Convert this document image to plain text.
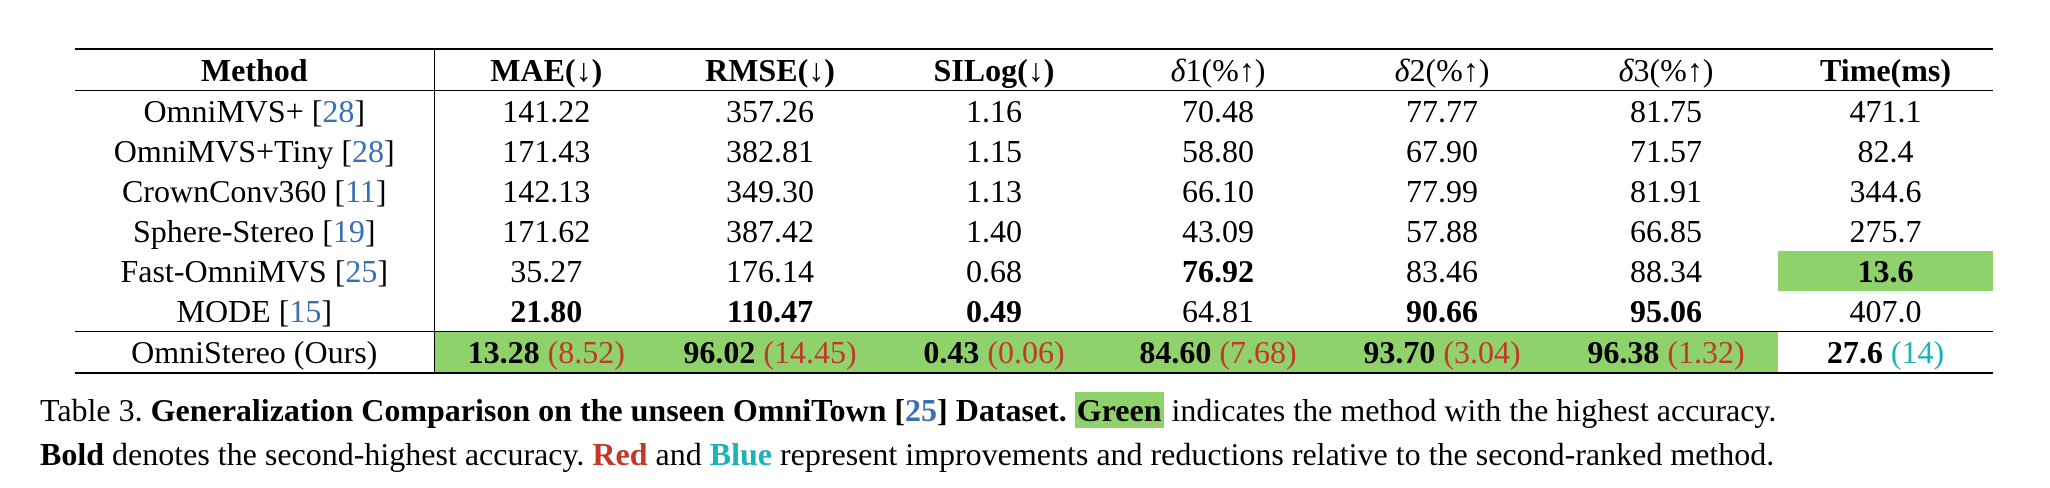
Method	MAE(↓)	RMSE(↓)	SILog(↓)	δ1(%↑)	δ2(%↑)	δ3(%↑)	Time(ms)
OmniMVS+ [28]	141.22	357.26	1.16	70.48	77.77	81.75	471.1
OmniMVS+Tiny [28]	171.43	382.81	1.15	58.80	67.90	71.57	82.4
CrownConv360 [11]	142.13	349.30	1.13	66.10	77.99	81.91	344.6
Sphere-Stereo [19]	171.62	387.42	1.40	43.09	57.88	66.85	275.7
Fast-OmniMVS [25]	35.27	176.14	0.68	76.92	83.46	88.34	13.6
MODE [15]	21.80	110.47	0.49	64.81	90.66	95.06	407.0
OmniStereo (Ours)	13.28 (8.52)	96.02 (14.45)	0.43 (0.06)	84.60 (7.68)	93.70 (3.04)	96.38 (1.32)	27.6 (14)
Table 3. Generalization Comparison on the unseen OmniTown [25] Dataset. Green indicates the method with the highest accuracy.
Bold denotes the second-highest accuracy. Red and Blue represent improvements and reductions relative to the second-ranked method.
